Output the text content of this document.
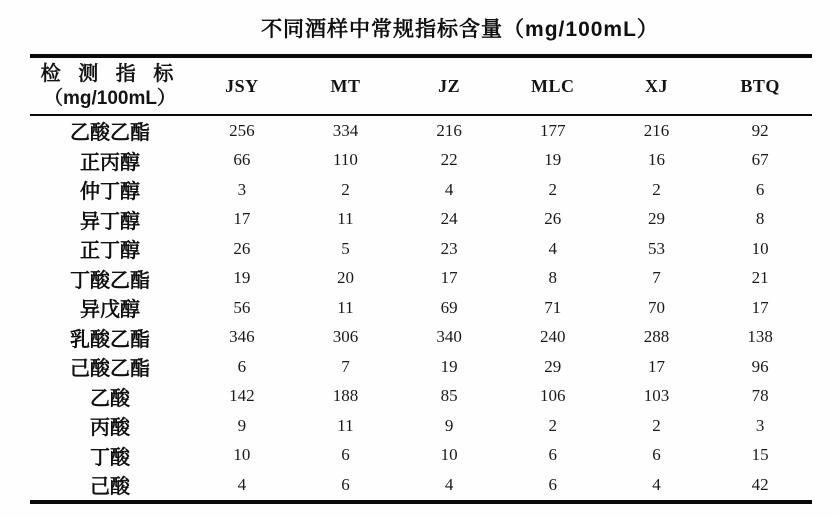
不同酒样中常规指标含量（mg/100mL）
检 测 指 标
（mg/100mL）	JSY	MT	JZ	MLC	XJ	BTQ
乙酸乙酯	256	334	216	177	216	92
正丙醇	66	110	22	19	16	67
仲丁醇	3	2	4	2	2	6
异丁醇	17	11	24	26	29	8
正丁醇	26	5	23	4	53	10
丁酸乙酯	19	20	17	8	7	21
异戊醇	56	11	69	71	70	17
乳酸乙酯	346	306	340	240	288	138
己酸乙酯	6	7	19	29	17	96
乙酸	142	188	85	106	103	78
丙酸	9	11	9	2	2	3
丁酸	10	6	10	6	6	15
己酸	4	6	4	6	4	42
